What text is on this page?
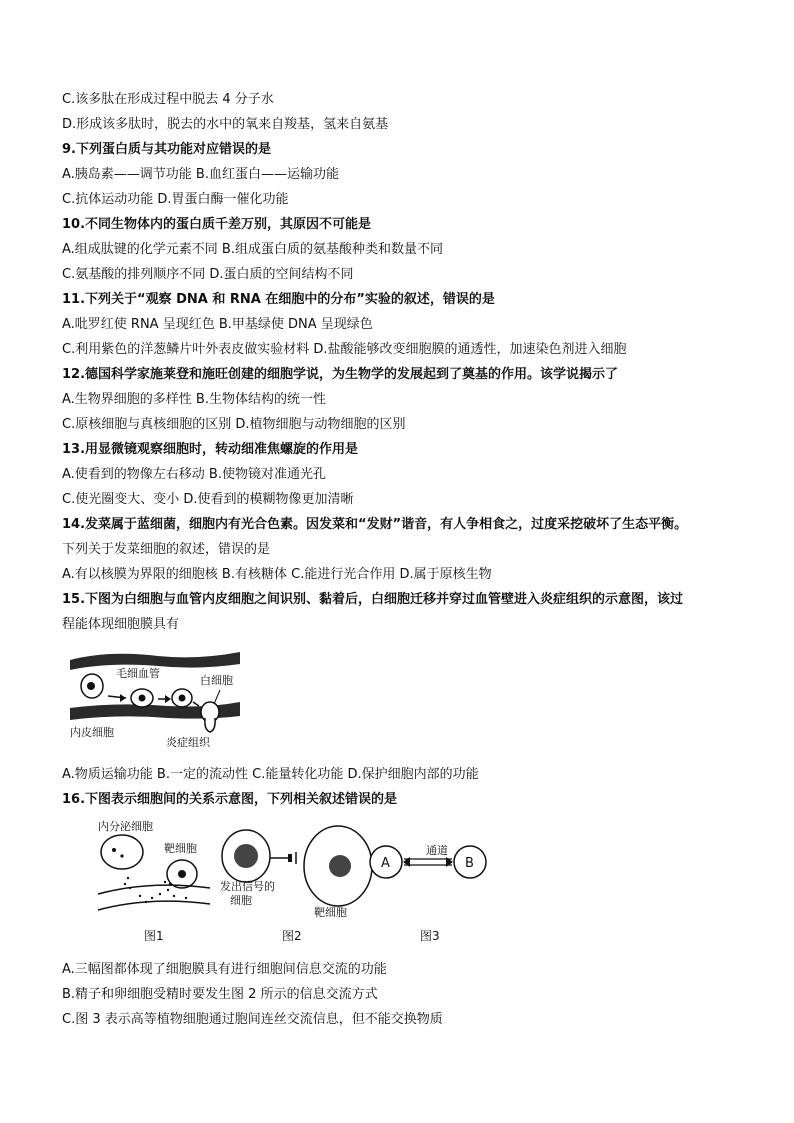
C.该多肽在形成过程中脱去 4 分子水
D.形成该多肽时，脱去的水中的氧来自羧基，氢来自氨基
9.下列蛋白质与其功能对应错误的是
A.胰岛素——调节功能 B.血红蛋白——运输功能
C.抗体运动功能 D.胃蛋白酶一催化功能
10.不同生物体内的蛋白质千差万别，其原因不可能是
A.组成肽键的化学元素不同 B.组成蛋白质的氨基酸种类和数量不同
C.氨基酸的排列顺序不同 D.蛋白质的空间结构不同
11.下列关于“观察 DNA 和 RNA 在细胞中的分布”实验的叙述，错误的是
A.吡罗红使 RNA 呈现红色 B.甲基绿使 DNA 呈现绿色
C.利用紫色的洋葱鳞片叶外表皮做实验材料 D.盐酸能够改变细胞膜的通透性，加速染色剂进入细胞
12.德国科学家施莱登和施旺创建的细胞学说，为生物学的发展起到了奠基的作用。该学说揭示了
A.生物界细胞的多样性 B.生物体结构的统一性
C.原核细胞与真核细胞的区别 D.植物细胞与动物细胞的区别
13.用显微镜观察细胞时，转动细准焦螺旋的作用是
A.使看到的物像左右移动 B.使物镜对准通光孔
C.使光圈变大、变小 D.使看到的模糊物像更加清晰
14.发菜属于蓝细菌，细胞内有光合色素。因发菜和“发财”谐音，有人争相食之，过度采挖破坏了生态平衡。
下列关于发菜细胞的叙述，错误的是
A.有以核膜为界限的细胞核 B.有核糖体 C.能进行光合作用 D.属于原核生物
15.下图为白细胞与血管内皮细胞之间识别、黏着后，白细胞迁移并穿过血管壁进入炎症组织的示意图，该过
程能体现细胞膜具有
毛细血管
白细胞
内皮细胞
炎症组织
A.物质运输功能 B.一定的流动性 C.能量转化功能 D.保护细胞内部的功能
16.下图表示细胞间的关系示意图，下列相关叙述错误的是
内分泌细胞
靶细胞
发出信号的
细胞
靶细胞
通道
A	B
图1	图2	图3
A.三幅图都体现了细胞膜具有进行细胞间信息交流的功能
B.精子和卵细胞受精时要发生图 2 所示的信息交流方式
C.图 3 表示高等植物细胞通过胞间连丝交流信息，但不能交换物质
